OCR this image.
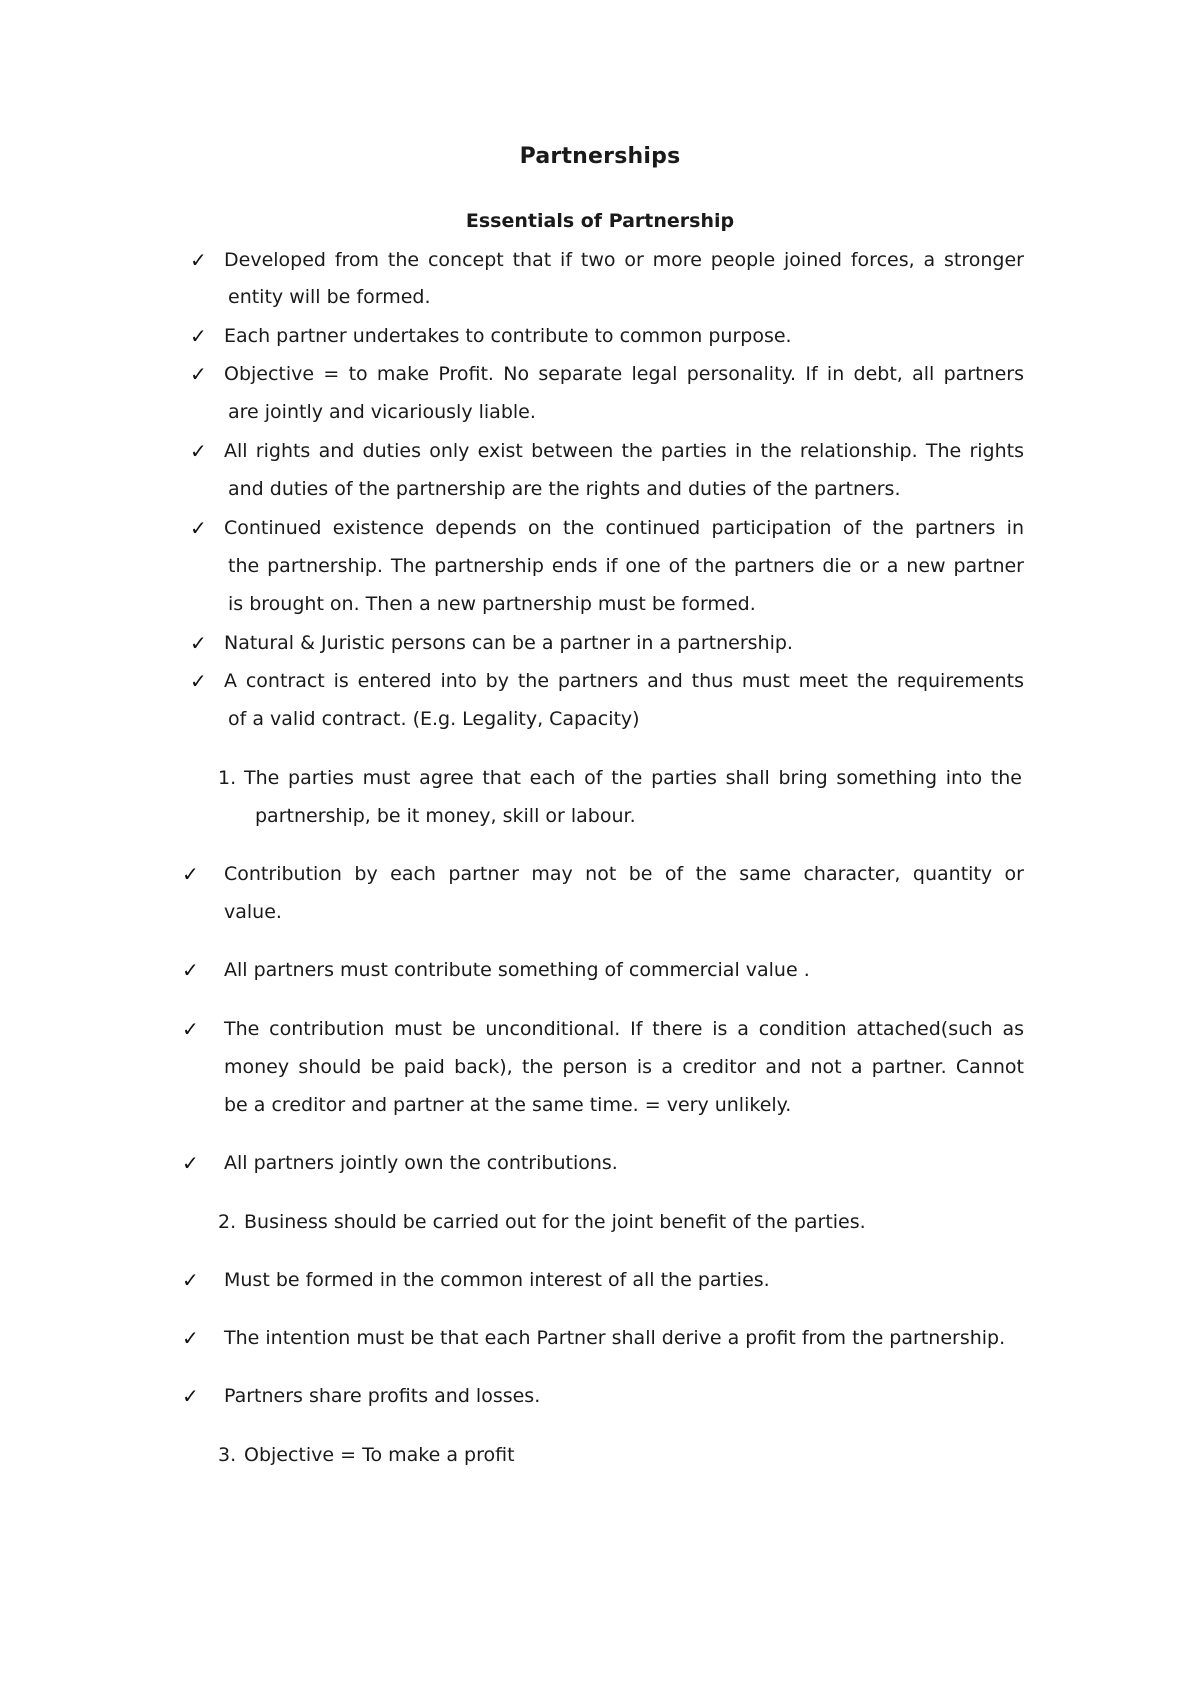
Partnerships
Essentials of Partnership
✓ Developed from the concept that if two or more people joined forces, a stronger
entity will be formed.
✓ Each partner undertakes to contribute to common purpose.
✓ Objective = to make Profit. No separate legal personality. If in debt, all partners
are jointly and vicariously liable.
✓ All rights and duties only exist between the parties in the relationship. The rights
and duties of the partnership are the rights and duties of the partners.
✓ Continued existence depends on the continued participation of the partners in
the partnership. The partnership ends if one of the partners die or a new partner
is brought on. Then a new partnership must be formed.
✓ Natural & Juristic persons can be a partner in a partnership.
✓ A contract is entered into by the partners and thus must meet the requirements
of a valid contract. (E.g. Legality, Capacity)
1. The parties must agree that each of the parties shall bring something into the
partnership, be it money, skill or labour.
✓ Contribution by each partner may not be of the same character, quantity or
value.
✓ All partners must contribute something of commercial value .
✓ The contribution must be unconditional. If there is a condition attached(such as
money should be paid back), the person is a creditor and not a partner. Cannot
be a creditor and partner at the same time. = very unlikely.
✓ All partners jointly own the contributions.
2. Business should be carried out for the joint benefit of the parties.
✓ Must be formed in the common interest of all the parties.
✓ The intention must be that each Partner shall derive a profit from the partnership.
✓ Partners share profits and losses.
3. Objective = To make a profit
